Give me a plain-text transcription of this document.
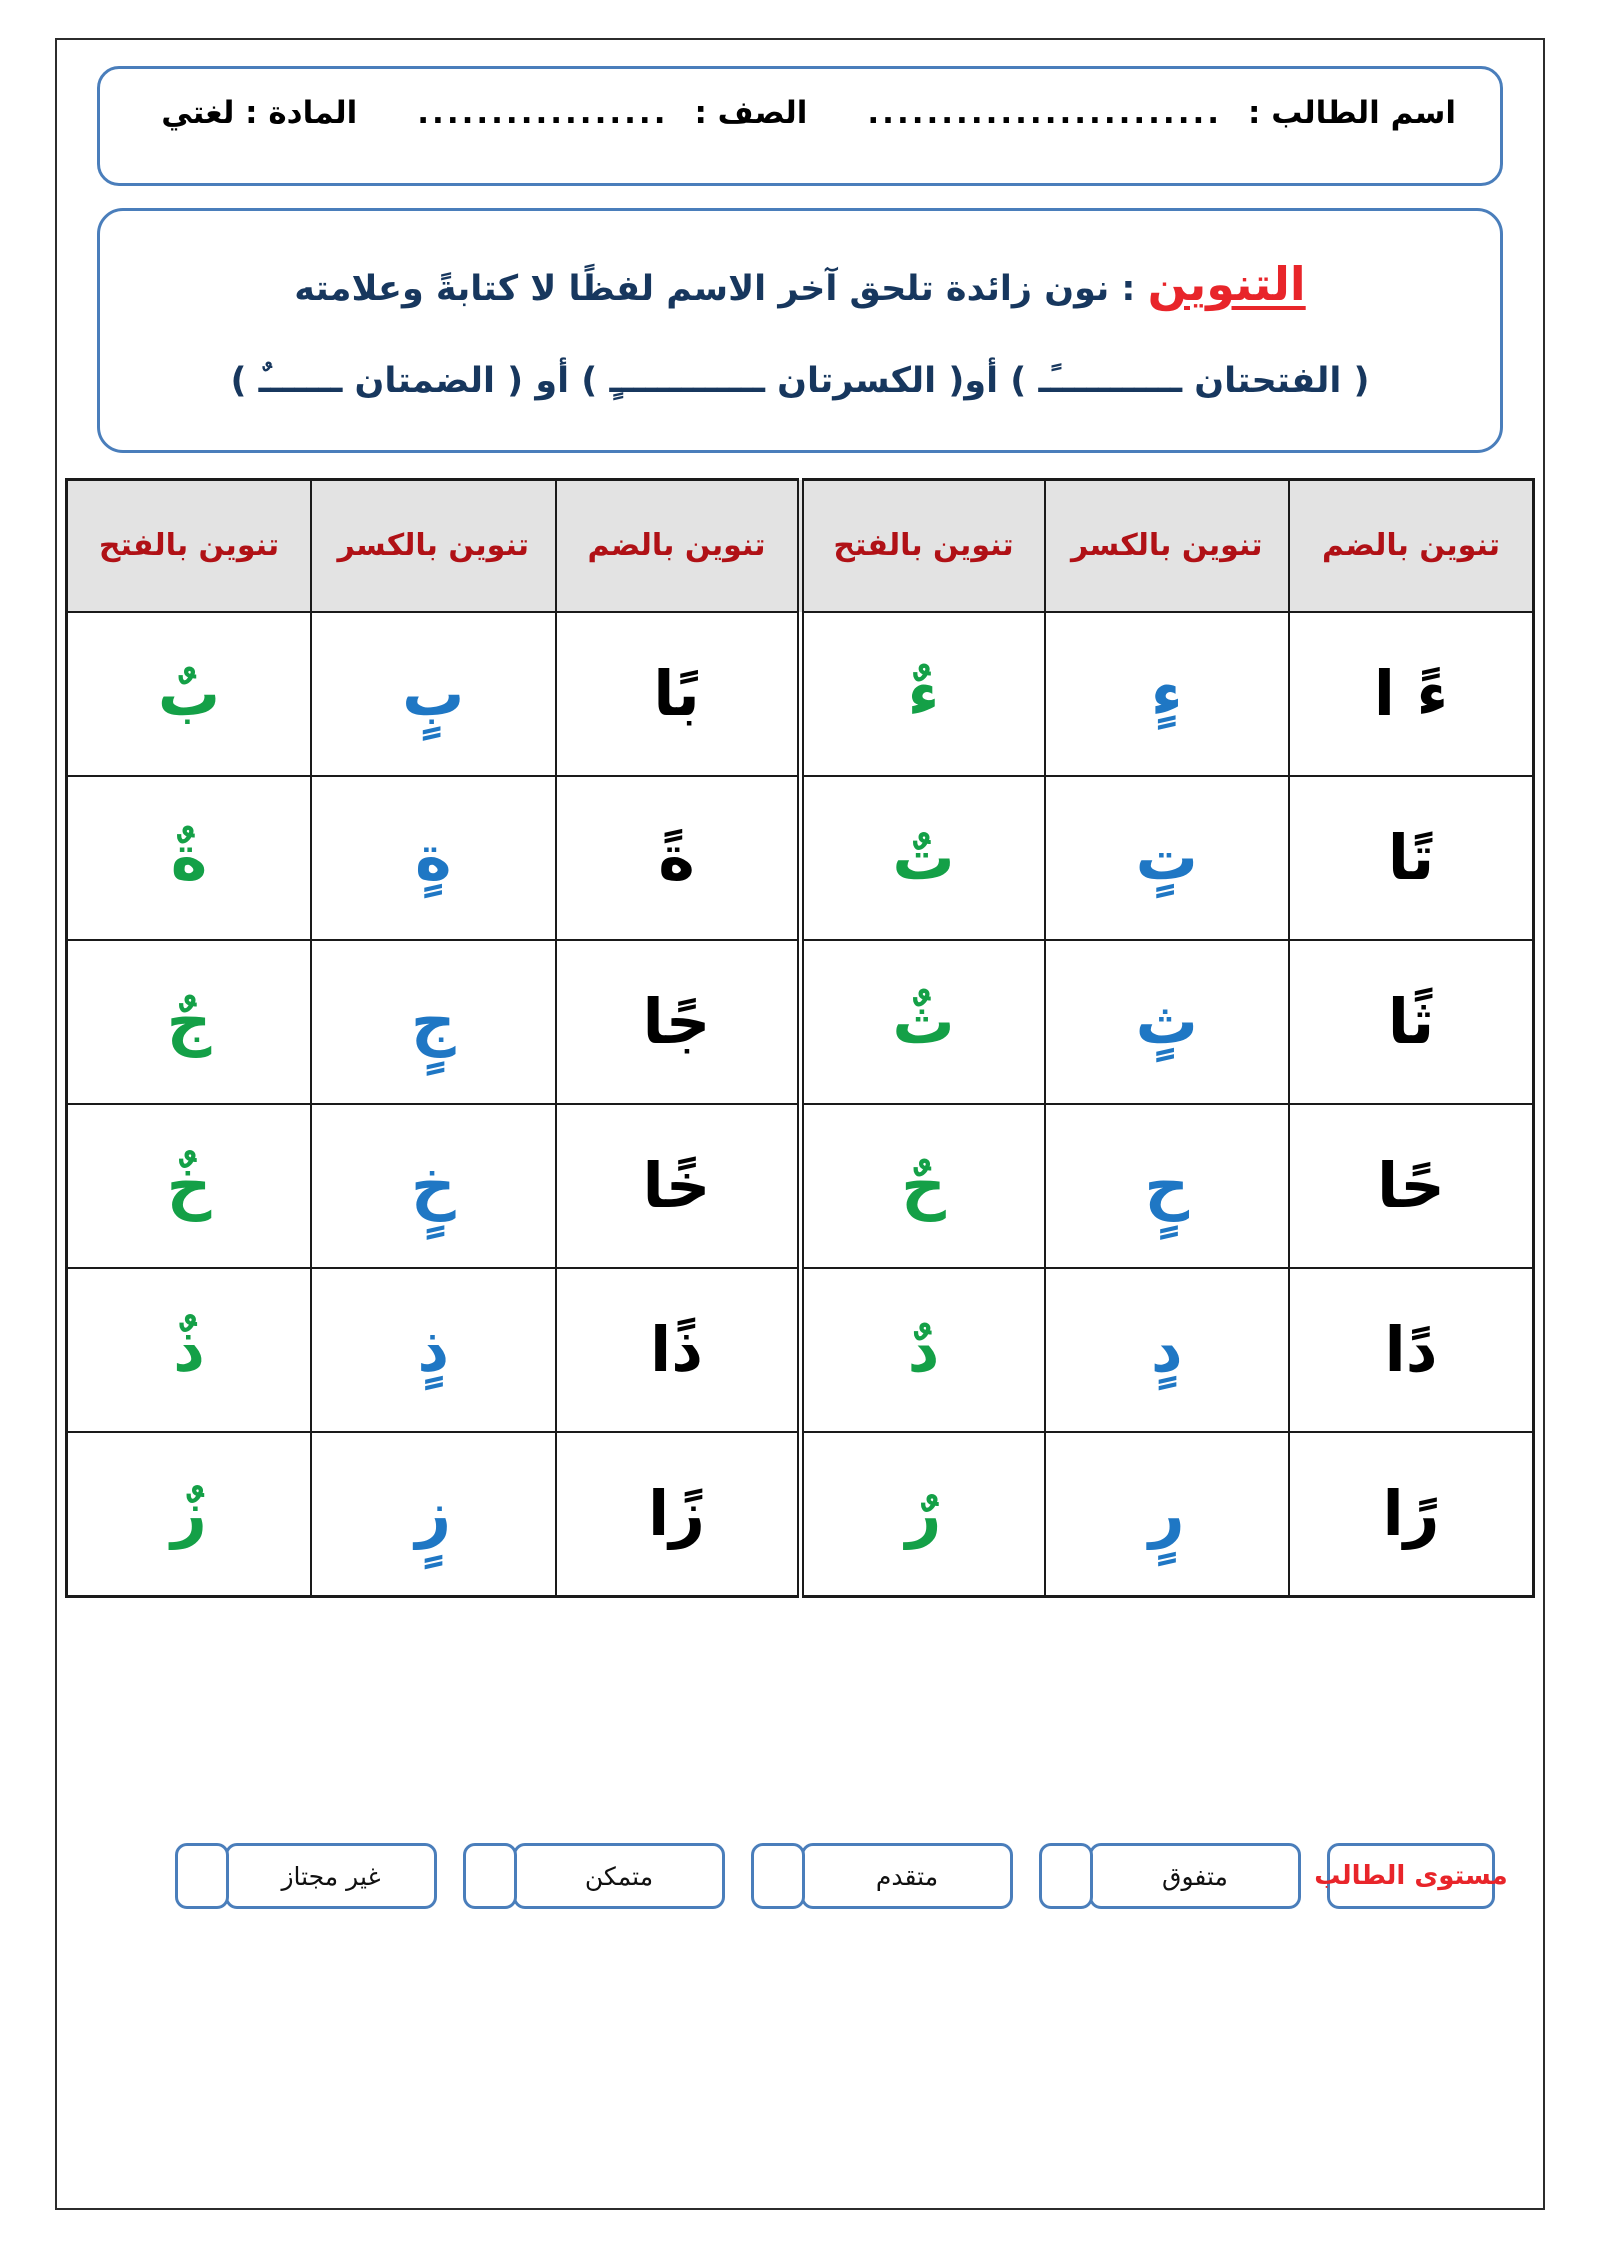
اسم الطالب :
........................
الصف :
.................
المادة : لغتي
التنوين : نون زائدة تلحق آخر الاسم لفظًا لا كتابةً وعلامته
( الفتحتان ـــــــــــًـ ) أو( الكسرتان ـــــــــــــٍ ) أو ( الضمتان ـــــــٌ )
تنوين بالضم	تنوين بالكسر	تنوين بالفتح	تنوين بالضم	تنوين بالكسر	تنوين بالفتح
ءً ا	ءٍ	ءٌ	بًا	بٍ	بٌ
تًا	تٍ	تٌ	ةً	ةٍ	ةٌ
ثًا	ثٍ	ثٌ	جًا	جٍ	جٌ
حًا	حٍ	حٌ	خًا	خٍ	خٌ
دًا	دٍ	دٌ	ذًا	ذٍ	ذٌ
رًا	رٍ	رٌ	زًا	زٍ	زٌ
مستوى الطالب
متفوق
متقدم
متمكن
غير مجتاز
